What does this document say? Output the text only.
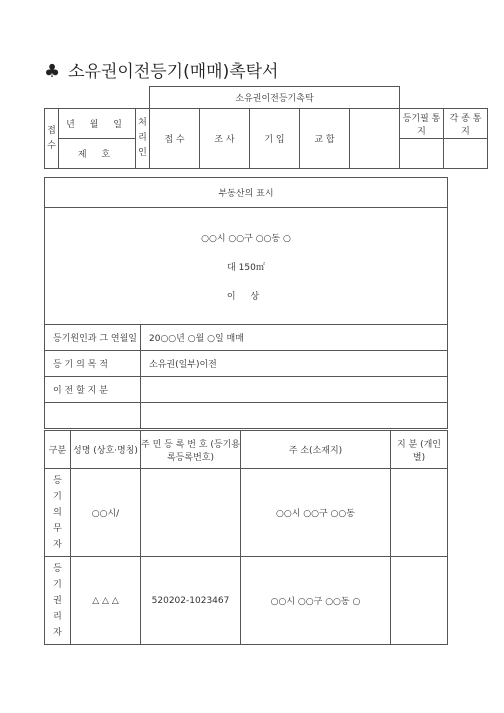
♣ 소유권이전등기(매매)촉탁서
			소유권이전등기촉탁						
접수	년 월 일	처리인	접 수	조 사	기 입	교 합		등기필 통 지	각 종 통 지
	제 호								
부동산의 표시	

○○시 ○○구 ○○동 ○
대 150㎡
이 상	

등기원인과 그 연월일	20○○년 ○월 ○일 매매
등 기 의 목 적	소유권(일부)이전
이 전 할 지 분	

구분	성명 (상호·명칭)	주 민 등 록 번 호 (등기용록등록번호)	주 소(소재지)	지 분 (개인별)

등기의무자	○○시/		○○시 ○○구 ○○동	

등기권리자	△ △ △	520202-1023467	○○시 ○○구 ○○동 ○	
